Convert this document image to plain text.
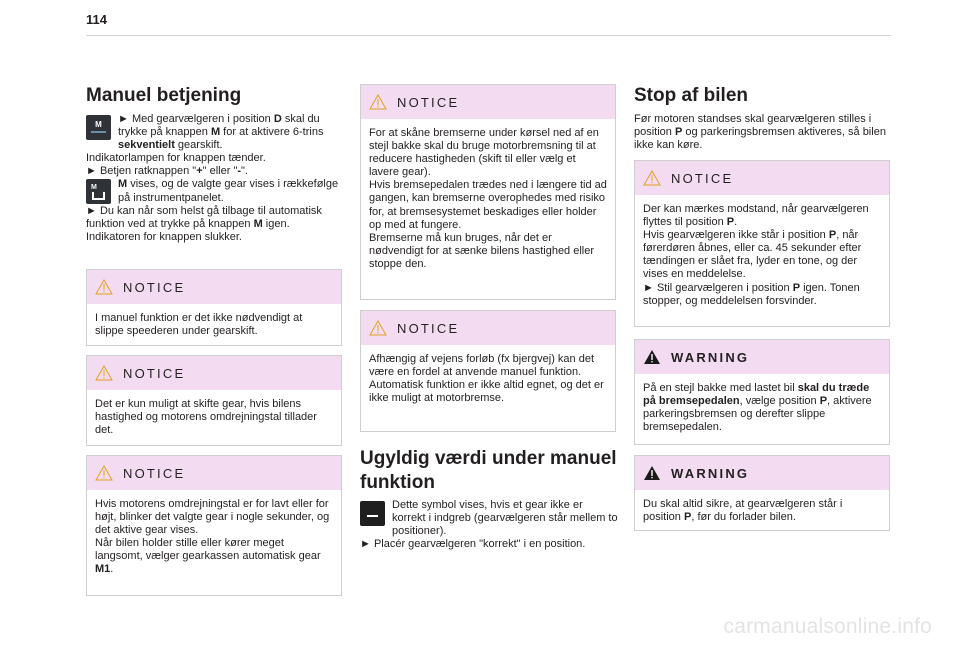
114
Manuel betjening
M ► Med gearvælgeren i position D skal du trykke på knappen M for at aktivere 6-trins sekventielt gearskift.
Indikatorlampen for knappen tænder.
► Betjen ratknappen "+" eller "-".
M M vises, og de valgte gear vises i rækkefølge på instrumentpanelet.
► Du kan når som helst gå tilbage til automatisk funktion ved at trykke på knappen M igen.
Indikatoren for knappen slukker.
NOTICE
I manuel funktion er det ikke nødvendigt at slippe speederen under gearskift.
NOTICE
Det er kun muligt at skifte gear, hvis bilens hastighed og motorens omdrejningstal tillader det.
NOTICE
Hvis motorens omdrejningstal er for lavt eller for højt, blinker det valgte gear i nogle sekunder, og det aktive gear vises.
Når bilen holder stille eller kører meget langsomt, vælger gearkassen automatisk gear M1.
NOTICE
For at skåne bremserne under kørsel ned af en stejl bakke skal du bruge motorbremsning til at reducere hastigheden (skift til eller vælg et lavere gear).
Hvis bremsepedalen trædes ned i længere tid ad gangen, kan bremserne overophedes med risiko for, at bremsesystemet beskadiges eller holder op med at fungere.
Bremserne må kun bruges, når det er nødvendigt for at sænke bilens hastighed eller stoppe den.
NOTICE
Afhængig af vejens forløb (fx bjergvej) kan det være en fordel at anvende manuel funktion.
Automatisk funktion er ikke altid egnet, og det er ikke muligt at motorbremse.
Ugyldig værdi under manuel funktion
Dette symbol vises, hvis et gear ikke er korrekt i indgreb (gearvælgeren står mellem to positioner).
► Placér gearvælgeren "korrekt" i en position.
Stop af bilen
Før motoren standses skal gearvælgeren stilles i position P og parkeringsbremsen aktiveres, så bilen ikke kan køre.
NOTICE
Der kan mærkes modstand, når gearvælgeren flyttes til position P.
Hvis gearvælgeren ikke står i position P, når førerdøren åbnes, eller ca. 45 sekunder efter tændingen er slået fra, lyder en tone, og der vises en meddelelse.
► Stil gearvælgeren i position P igen. Tonen stopper, og meddelelsen forsvinder.
WARNING
På en stejl bakke med lastet bil skal du træde på bremsepedalen, vælge position P, aktivere parkeringsbremsen og derefter slippe bremsepedalen.
WARNING
Du skal altid sikre, at gearvælgeren står i position P, før du forlader bilen.
carmanualsonline.info
